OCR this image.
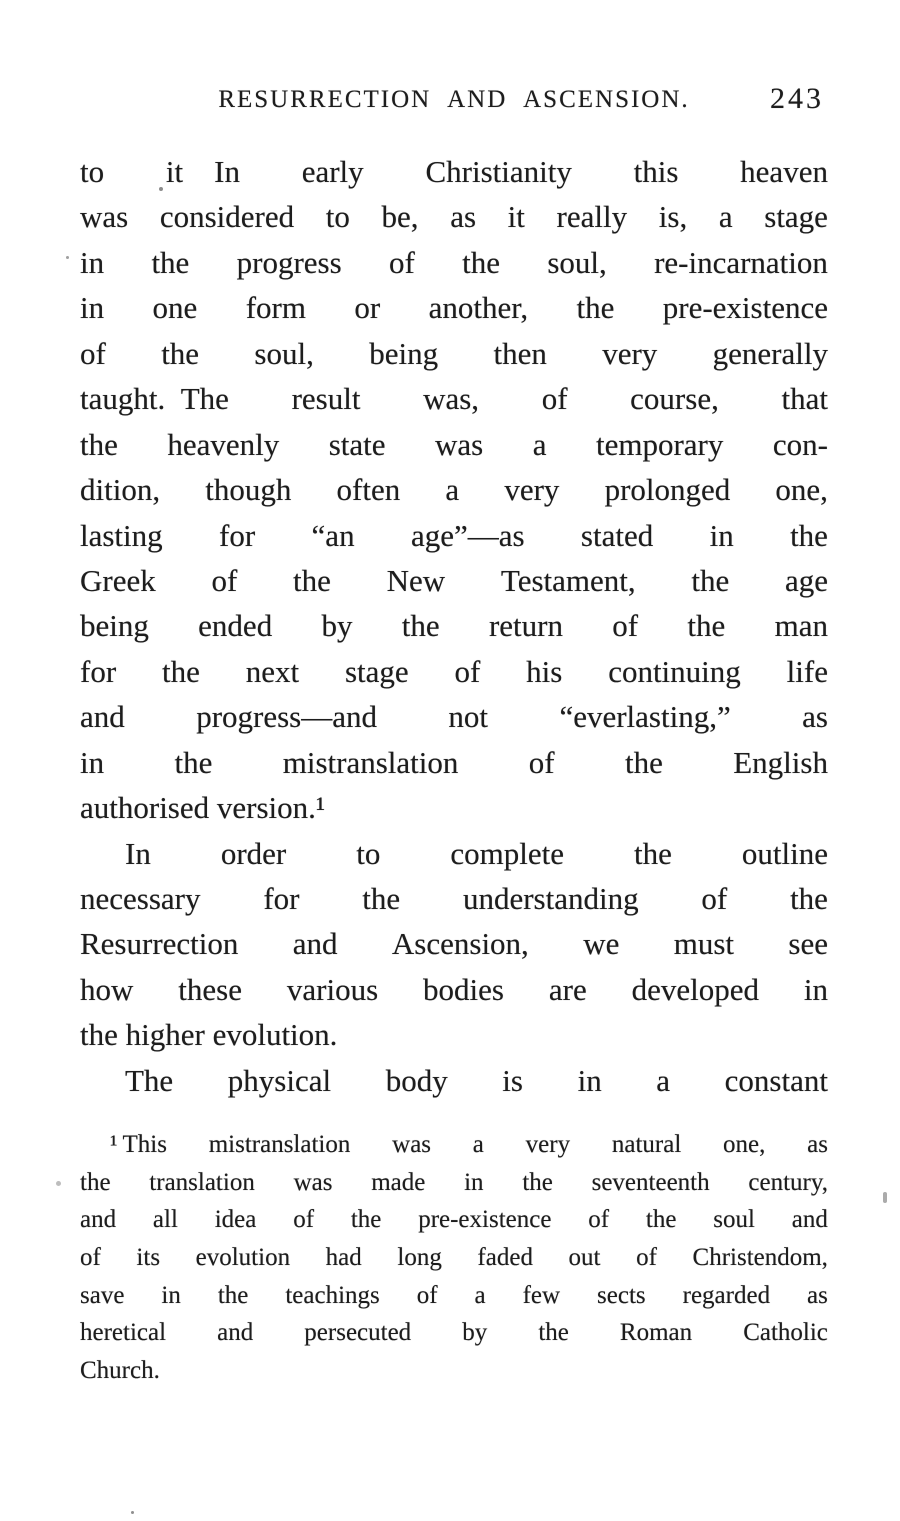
RESURRECTION AND ASCENSION.	243
to it In early Christianity this heaven
was considered to be, as it really is, a stage
in the progress of the soul, re-incarnation
in one form or another, the pre-existence
of the soul, being then very generally
taught. The result was, of course, that
the heavenly state was a temporary con-
dition, though often a very prolonged one,
lasting for “an age”—as stated in the
Greek of the New Testament, the age
being ended by the return of the man
for the next stage of his continuing life
and progress—and not “everlasting,” as
in the mistranslation of the English
authorised version.¹
In order to complete the outline
necessary for the understanding of the
Resurrection and Ascension, we must see
how these various bodies are developed in
the higher evolution.
The physical body is in a constant
¹ This mistranslation was a very natural one, as
the translation was made in the seventeenth century,
and all idea of the pre-existence of the soul and
of its evolution had long faded out of Christendom,
save in the teachings of a few sects regarded as
heretical and persecuted by the Roman Catholic
Church.
